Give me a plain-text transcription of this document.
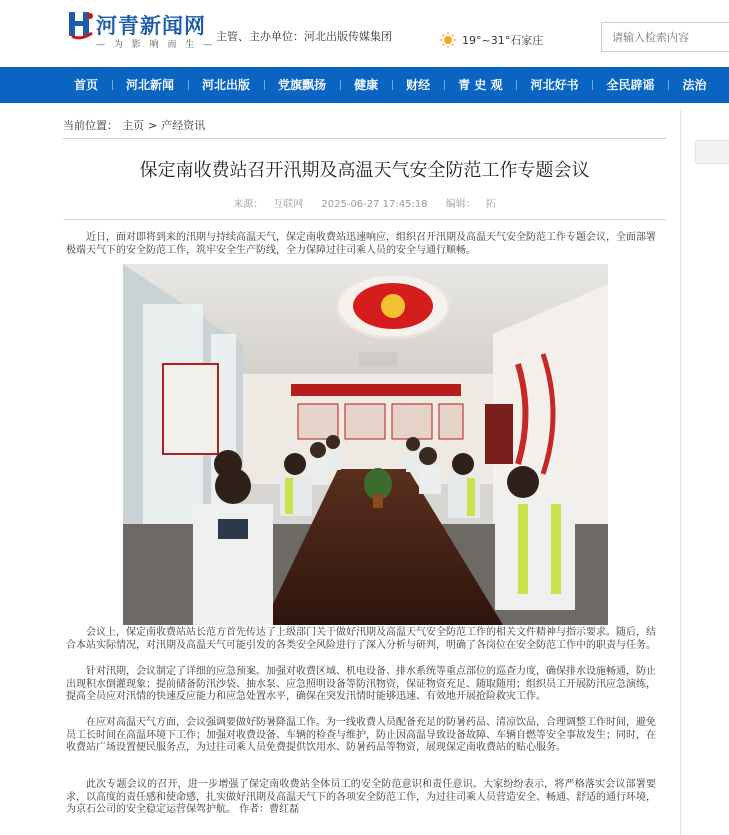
河青新闻网
— 为 影 响 而 生 —
主管、主办单位：河北出版传媒集团	19°~31°石家庄
请输入检索内容
首页	河北新闻	河北出版	党旗飘扬	健康	财经	青 史 观	河北好书	全民辟谣	法治
当前位置： 主页 > 产经资讯
保定南收费站召开汛期及高温天气安全防范工作专题会议
来源： 互联网 2025-06-27 17:45:18 编辑： 拓

近日，面对即将到来的汛期与持续高温天气，保定南收费站迅速响应，组织召开汛期及高温天气安全防范工作专题会议，全面部署极端天气下的安全防范工作，筑牢安全生产防线，全力保障过往司乘人员的安全与通行顺畅。

会议上，保定南收费站站长范方首先传达了上级部门关于做好汛期及高温天气安全防范工作的相关文件精神与指示要求。随后，结合本站实际情况，对汛期及高温天气可能引发的各类安全风险进行了深入分析与研判，明确了各岗位在安全防范工作中的职责与任务。

针对汛期，会议制定了详细的应急预案。加强对收费区域、机电设备、排水系统等重点部位的巡查力度，确保排水设施畅通，防止出现积水倒灌现象；提前储备防汛沙袋、抽水泵、应急照明设备等防汛物资，保证物资充足、随取随用；组织员工开展防汛应急演练，提高全员应对汛情的快速反应能力和应急处置水平，确保在突发汛情时能够迅速、有效地开展抢险救灾工作。

在应对高温天气方面，会议强调要做好防暑降温工作。为一线收费人员配备充足的防暑药品、清凉饮品，合理调整工作时间，避免员工长时间在高温环境下工作；加强对收费设备、车辆的检查与维护，防止因高温导致设备故障、车辆自燃等安全事故发生；同时，在收费站广场设置便民服务点，为过往司乘人员免费提供饮用水、防暑药品等物资，展现保定南收费站的贴心服务。

此次专题会议的召开，进一步增强了保定南收费站全体员工的安全防范意识和责任意识。大家纷纷表示，将严格落实会议部署要求，以高度的责任感和使命感，扎实做好汛期及高温天气下的各项安全防范工作，为过往司乘人员营造安全、畅通、舒适的通行环境，为京石公司的安全稳定运营保驾护航。 作者：曹红磊
